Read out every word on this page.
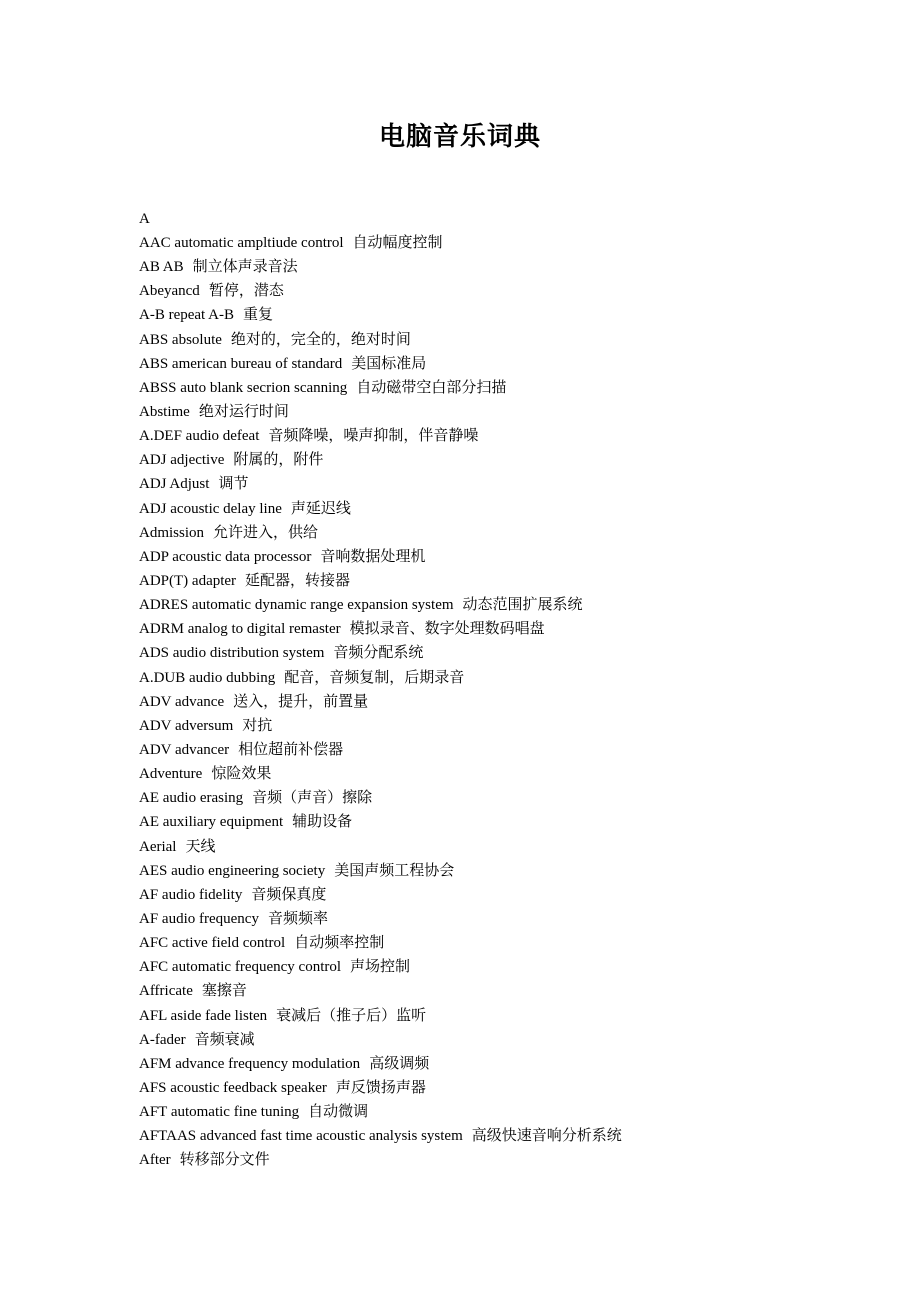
电脑音乐词典

A

AAC automatic ampltiude control 自动幅度控制
AB AB 制立体声录音法
Abeyancd 暂停，潜态
A-B repeat A-B 重复
ABS absolute 绝对的，完全的，绝对时间
ABS american bureau of standard 美国标准局
ABSS auto blank secrion scanning 自动磁带空白部分扫描
Abstime 绝对运行时间
A.DEF audio defeat 音频降噪，噪声抑制，伴音静噪
ADJ adjective 附属的，附件
ADJ Adjust 调节
ADJ acoustic delay line 声延迟线
Admission 允许进入，供给
ADP acoustic data processor 音响数据处理机
ADP(T) adapter 延配器，转接器
ADRES automatic dynamic range expansion system 动态范围扩展系统
ADRM analog to digital remaster 模拟录音、数字处理数码唱盘
ADS audio distribution system 音频分配系统
A.DUB audio dubbing 配音，音频复制，后期录音
ADV advance 送入，提升，前置量
ADV adversum 对抗
ADV advancer 相位超前补偿器
Adventure 惊险效果
AE audio erasing 音频（声音）擦除
AE auxiliary equipment 辅助设备
Aerial 天线
AES audio engineering society 美国声频工程协会
AF audio fidelity 音频保真度
AF audio frequency 音频频率
AFC active field control 自动频率控制
AFC automatic frequency control 声场控制
Affricate 塞擦音
AFL aside fade listen 衰减后（推子后）监听
A-fader 音频衰减
AFM advance frequency modulation 高级调频
AFS acoustic feedback speaker 声反馈扬声器
AFT automatic fine tuning 自动微调
AFTAAS advanced fast time acoustic analysis system 高级快速音响分析系统
After 转移部分文件
